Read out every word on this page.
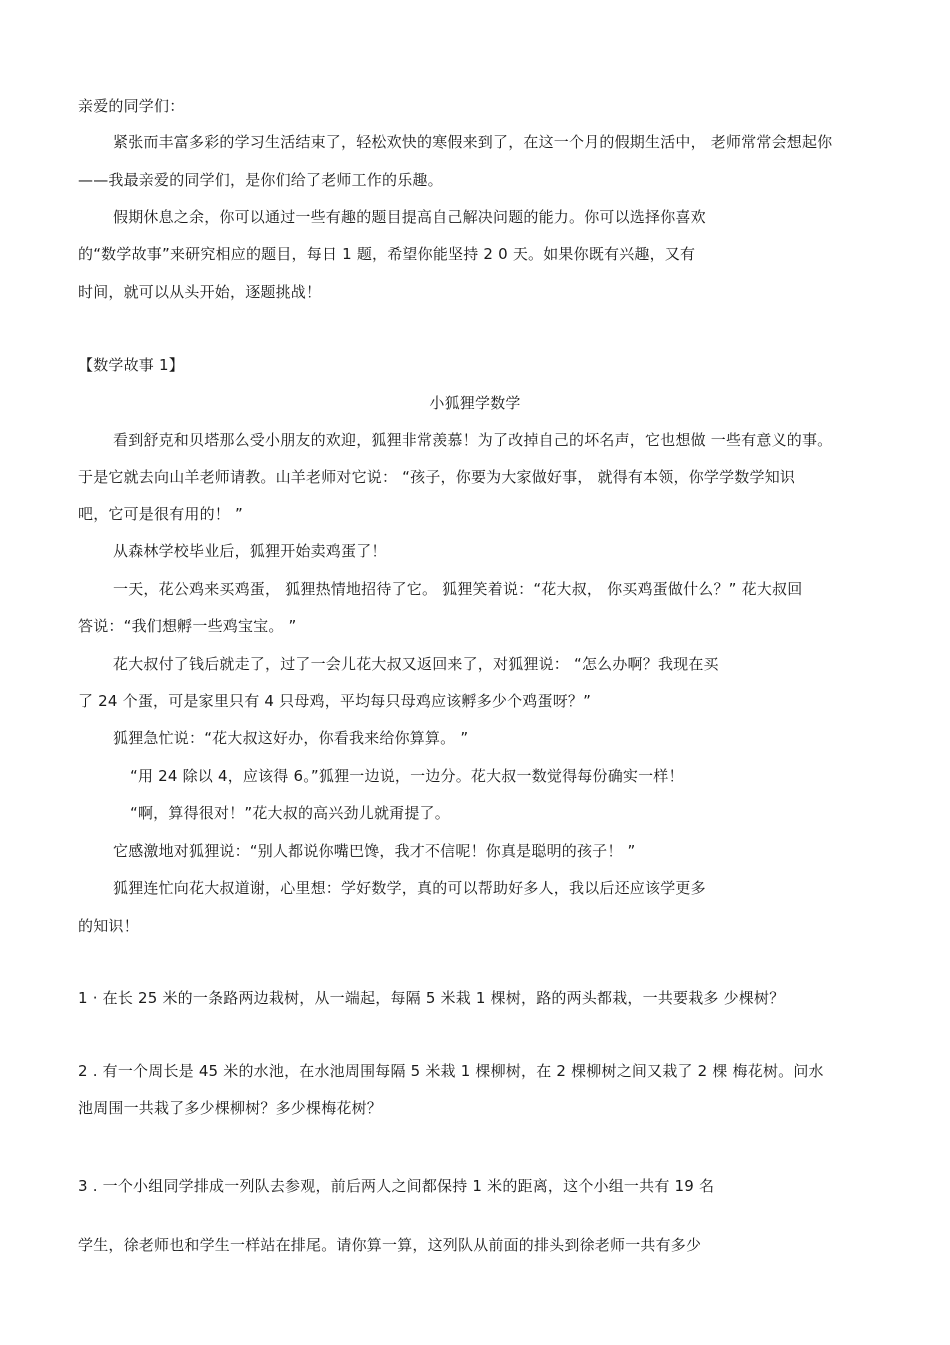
亲爱的同学们：
紧张而丰富多彩的学习生活结束了，轻松欢快的寒假来到了，在这一个月的假期生活中， 老师常常会想起你
——我最亲爱的同学们，是你们给了老师工作的乐趣。
假期休息之余，你可以通过一些有趣的题目提高自己解决问题的能力。你可以选择你喜欢
的“数学故事”来研究相应的题目，每日 1 题，希望你能坚持 2 0 天。如果你既有兴趣，又有
时间，就可以从头开始，逐题挑战！
【数学故事 1】
小狐狸学数学
看到舒克和贝塔那么受小朋友的欢迎，狐狸非常羡慕！为了改掉自己的坏名声，它也想做 一些有意义的事。
于是它就去向山羊老师请教。山羊老师对它说： “孩子，你要为大家做好事， 就得有本领，你学学数学知识
吧，它可是很有用的！ ”
从森林学校毕业后，狐狸开始卖鸡蛋了！
一天，花公鸡来买鸡蛋， 狐狸热情地招待了它。 狐狸笑着说：“花大叔， 你买鸡蛋做什么？” 花大叔回
答说：“我们想孵一些鸡宝宝。 ”
花大叔付了钱后就走了，过了一会儿花大叔又返回来了，对狐狸说： “怎么办啊？我现在买
了 24 个蛋，可是家里只有 4 只母鸡，平均每只母鸡应该孵多少个鸡蛋呀？”
狐狸急忙说：“花大叔这好办，你看我来给你算算。 ”
“用 24 除以 4，应该得 6。”狐狸一边说，一边分。花大叔一数觉得每份确实一样！
“啊，算得很对！”花大叔的高兴劲儿就甭提了。
它感激地对狐狸说：“别人都说你嘴巴馋，我才不信呢！你真是聪明的孩子！ ”
狐狸连忙向花大叔道谢，心里想：学好数学，真的可以帮助好多人，我以后还应该学更多
的知识！
1 · 在长 25 米的一条路两边栽树，从一端起，每隔 5 米栽 1 棵树，路的两头都栽，一共要栽多 少棵树？
2 . 有一个周长是 45 米的水池，在水池周围每隔 5 米栽 1 棵柳树，在 2 棵柳树之间又栽了 2 棵 梅花树。问水
池周围一共栽了多少棵柳树？多少棵梅花树？
3 . 一个小组同学排成一列队去参观，前后两人之间都保持 1 米的距离，这个小组一共有 19 名
学生，徐老师也和学生一样站在排尾。请你算一算，这列队从前面的排头到徐老师一共有多少
